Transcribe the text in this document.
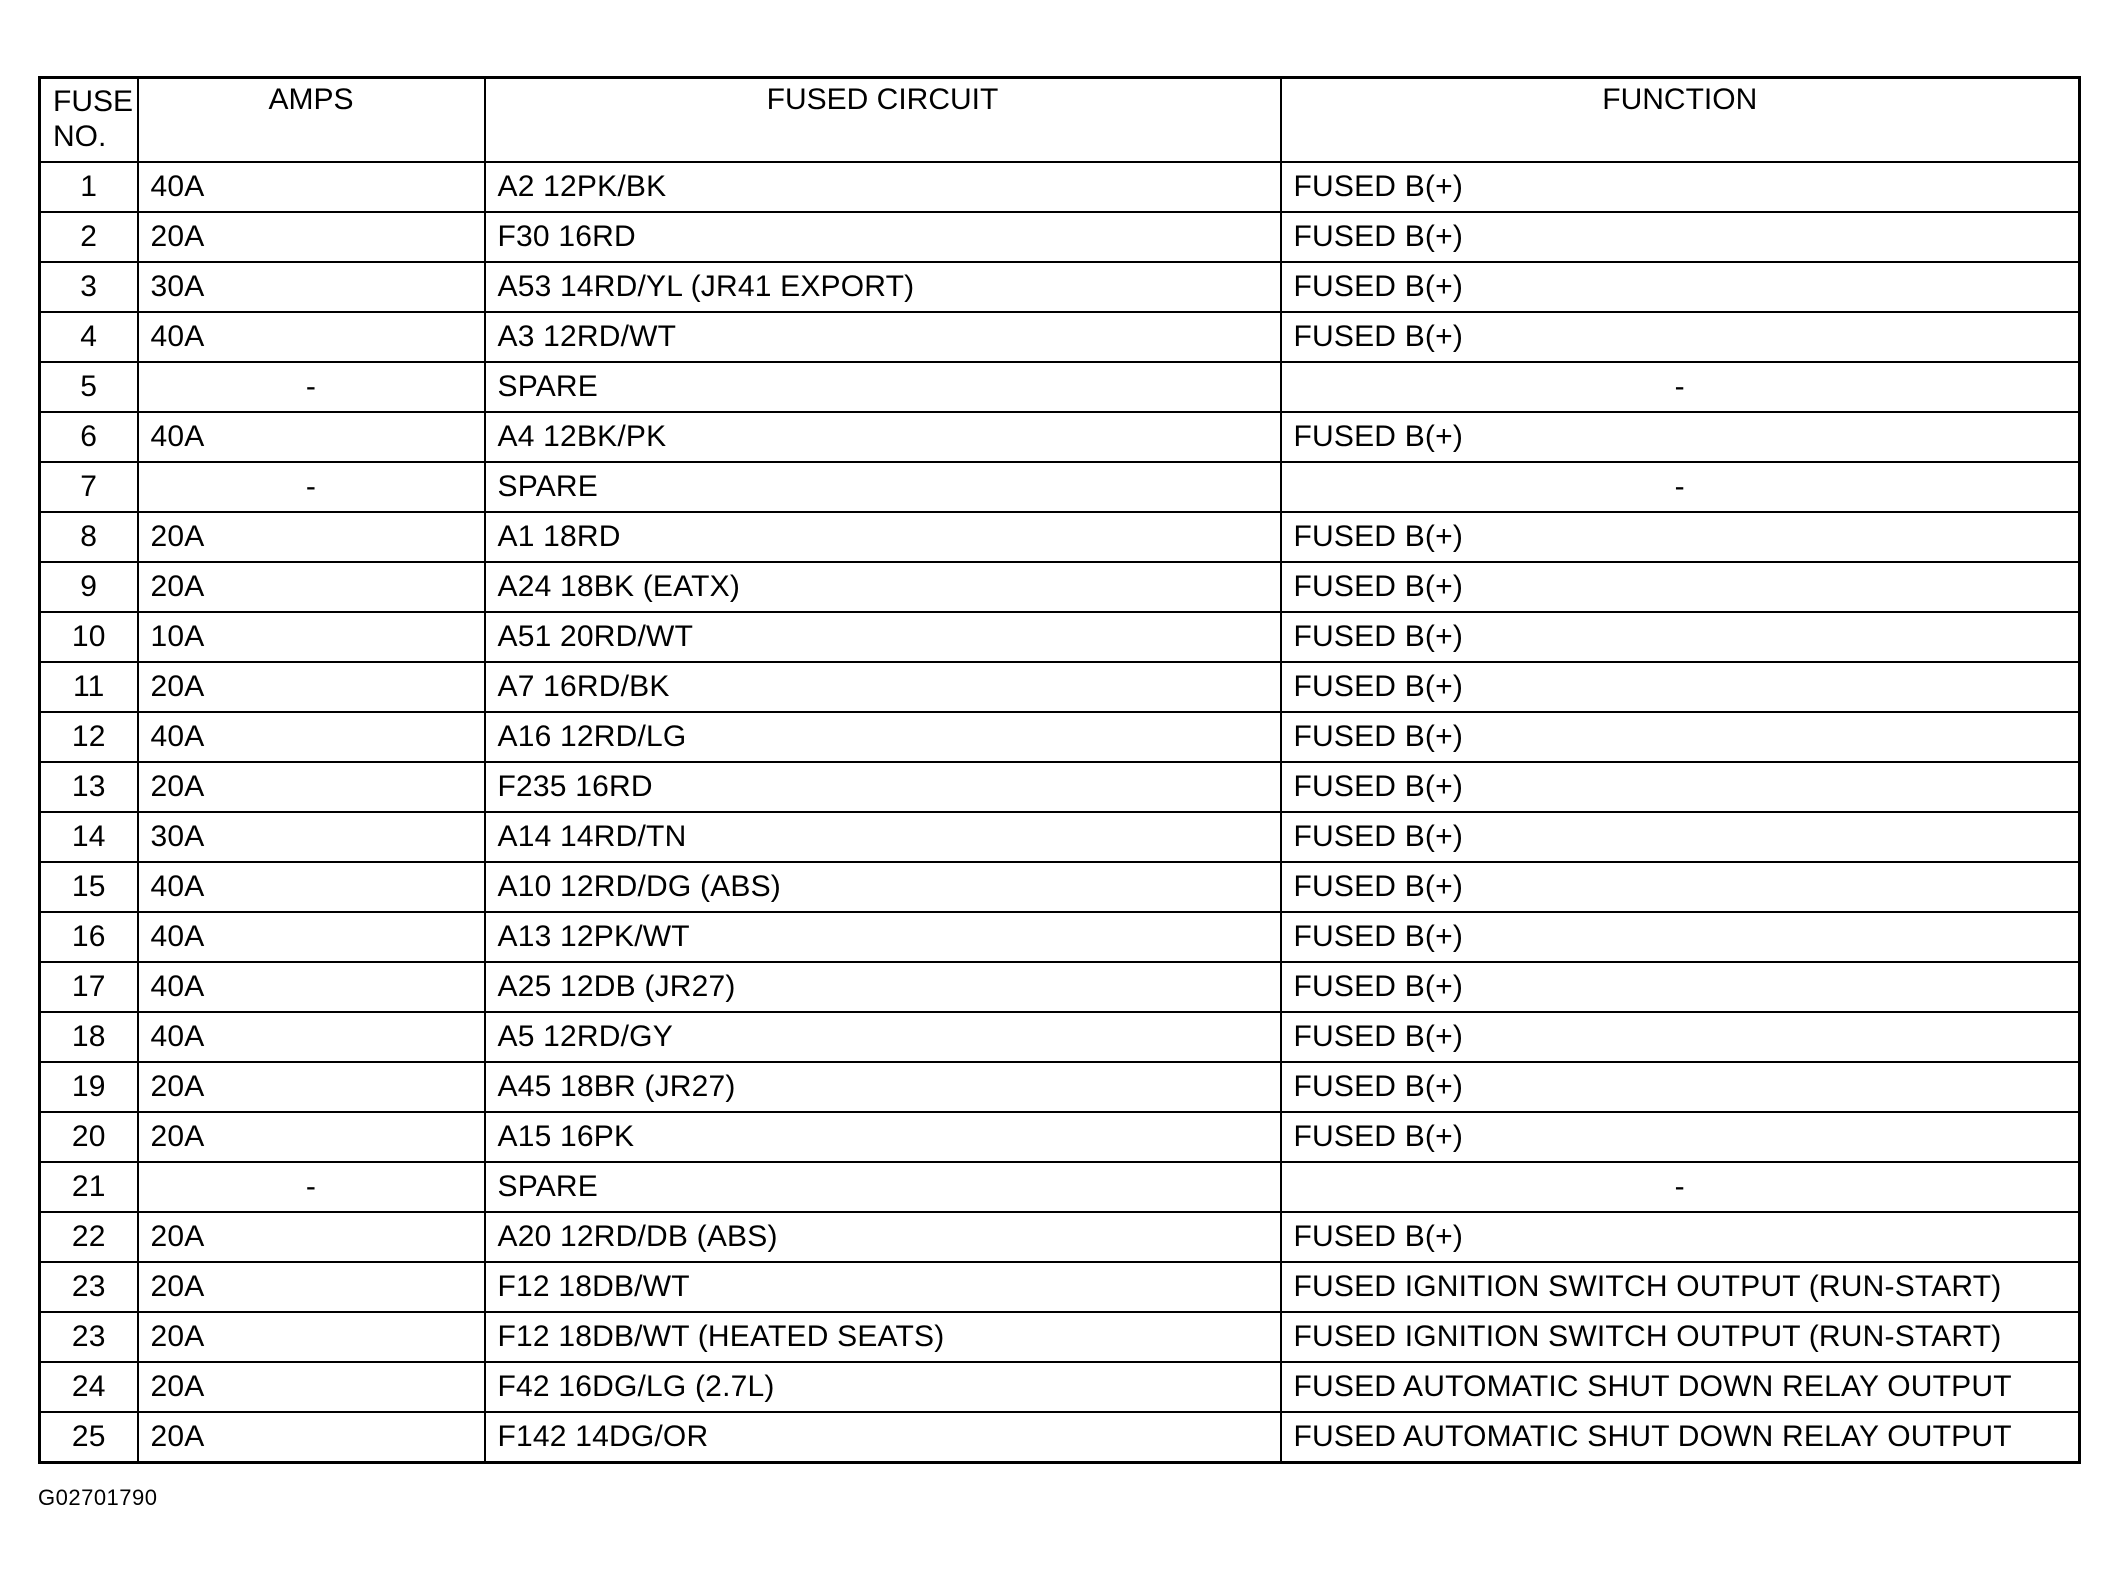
FUSE
NO.	AMPS	FUSED CIRCUIT	FUNCTION
1	40A	A2 12PK/BK	FUSED B(+)
2	20A	F30 16RD	FUSED B(+)
3	30A	A53 14RD/YL (JR41 EXPORT)	FUSED B(+)
4	40A	A3 12RD/WT	FUSED B(+)
5	-	SPARE	-
6	40A	A4 12BK/PK	FUSED B(+)
7	-	SPARE	-
8	20A	A1 18RD	FUSED B(+)
9	20A	A24 18BK (EATX)	FUSED B(+)
10	10A	A51 20RD/WT	FUSED B(+)
11	20A	A7 16RD/BK	FUSED B(+)
12	40A	A16 12RD/LG	FUSED B(+)
13	20A	F235 16RD	FUSED B(+)
14	30A	A14 14RD/TN	FUSED B(+)
15	40A	A10 12RD/DG (ABS)	FUSED B(+)
16	40A	A13 12PK/WT	FUSED B(+)
17	40A	A25 12DB (JR27)	FUSED B(+)
18	40A	A5 12RD/GY	FUSED B(+)
19	20A	A45 18BR (JR27)	FUSED B(+)
20	20A	A15 16PK	FUSED B(+)
21	-	SPARE	-
22	20A	A20 12RD/DB (ABS)	FUSED B(+)
23	20A	F12 18DB/WT	FUSED IGNITION SWITCH OUTPUT (RUN-START)
23	20A	F12 18DB/WT (HEATED SEATS)	FUSED IGNITION SWITCH OUTPUT (RUN-START)
24	20A	F42 16DG/LG (2.7L)	FUSED AUTOMATIC SHUT DOWN RELAY OUTPUT
25	20A	F142 14DG/OR	FUSED AUTOMATIC SHUT DOWN RELAY OUTPUT
G02701790
